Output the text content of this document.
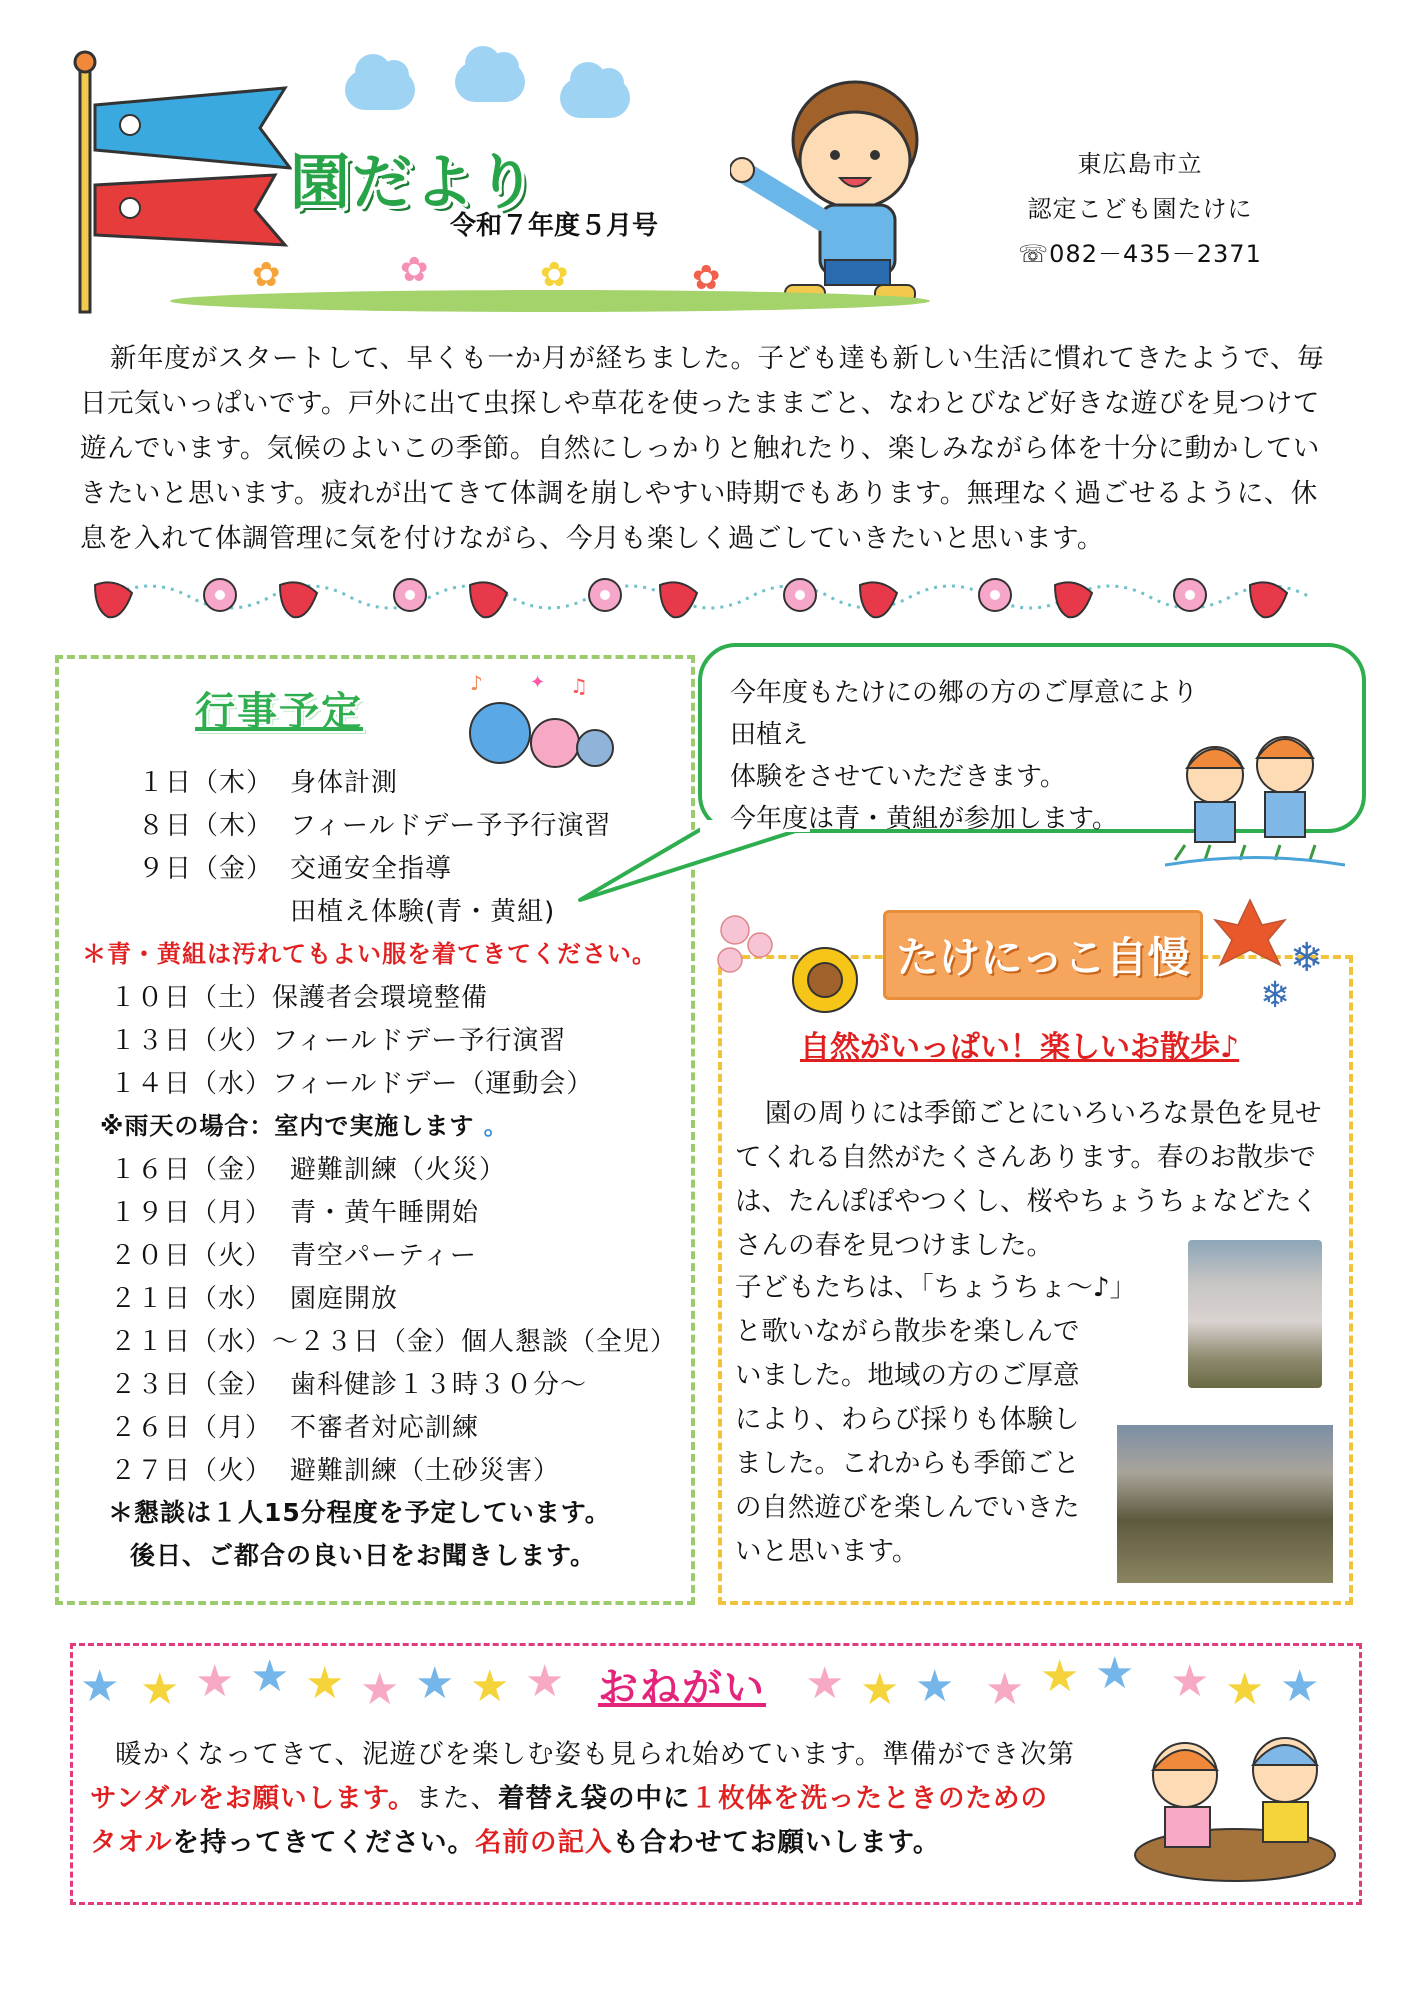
園だより
令和７年度５月号
✿	✿	✿	✿
東広島市立
認定こども園たけに
☏082－435－2371
新年度がスタートして、早くも一か月が経ちました。子ども達も新しい生活に慣れてきたようで、毎日元気いっぱいです。戸外に出て虫探しや草花を使ったままごと、なわとびなど好きな遊びを見つけて遊んでいます。気候のよいこの季節。自然にしっかりと触れたり、楽しみながら体を十分に動かしていきたいと思います。疲れが出てきて体調を崩しやすい時期でもあります。無理なく過ごせるように、休息を入れて体調管理に気を付けながら、今月も楽しく過ごしていきたいと思います。
行事予定
♪	✦ ♫
１日（木） 身体計測
８日（木） フィールドデー予予行演習
９日（金） 交通安全指導
田植え体験(青・黄組)
＊青・黄組は汚れてもよい服を着てきてください。
１０日（土）保護者会環境整備
１３日（火）フィールドデー予行演習
１４日（水）フィールドデー（運動会）
※雨天の場合：室内で実施します 。
１６日（金） 避難訓練（火災）
１９日（月） 青・黄午睡開始
２０日（火） 青空パーティー
２１日（水） 園庭開放
２１日（水）～２３日（金）個人懇談（全児）
２３日（金） 歯科健診１３時３０分～
２６日（月） 不審者対応訓練
２７日（火） 避難訓練（土砂災害）
＊懇談は１人15分程度を予定しています。
後日、ご都合の良い日をお聞きします。
今年度もたけにの郷の方のご厚意により田植え
体験をさせていただきます。
今年度は青・黄組が参加します。
たけにっこ自慢	❄
❄
自然がいっぱい！楽しいお散歩♪
園の周りには季節ごとにいろいろな景色を見せてくれる自然がたくさんあります。春のお散歩では、たんぽぽやつくし、桜やちょうちょなどたくさんの春を見つけました。
子どもたちは、「ちょうちょ～♪」
と歌いながら散歩を楽しんで
いました。地域の方のご厚意
により、わらび採りも体験し
ました。これからも季節ごと
の自然遊びを楽しんでいきた
いと思います。
★ ★ ★ ★ ★ ★ ★ ★ ★ おねがい ★ ★ ★ ★ ★ ★ ★ ★ ★
暖かくなってきて、泥遊びを楽しむ姿も見られ始めています。準備ができ次第
サンダルをお願いします。また、着替え袋の中に１枚体を洗ったときのための
タオルを持ってきてください。名前の記入も合わせてお願いします。
